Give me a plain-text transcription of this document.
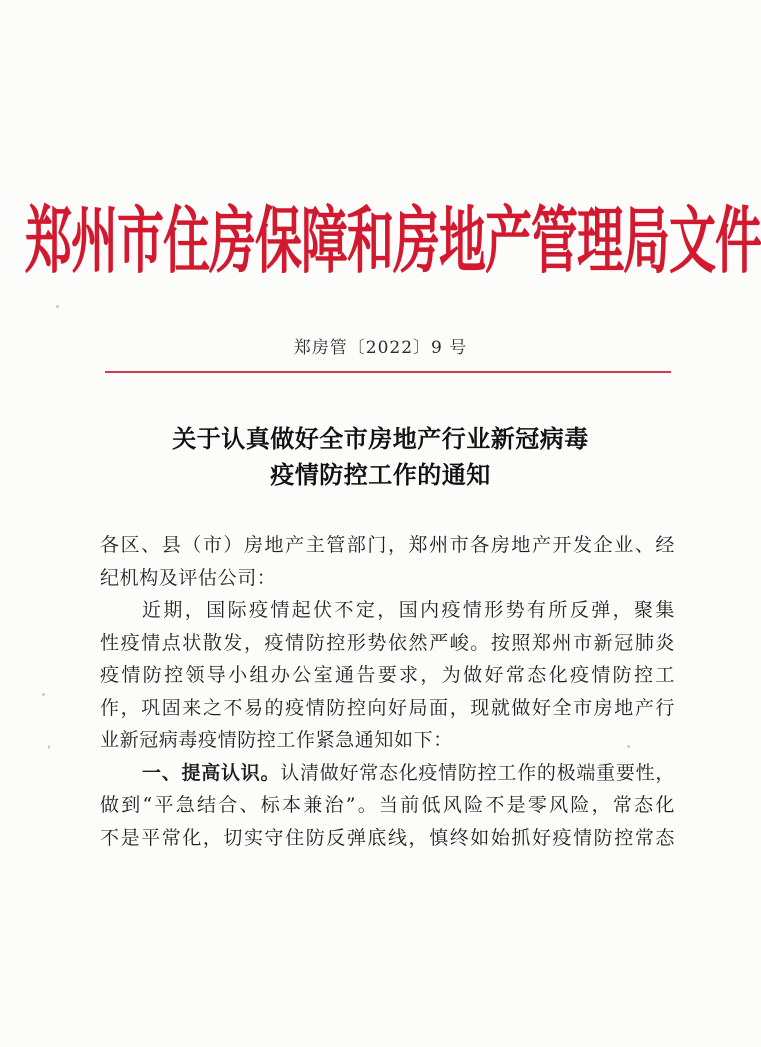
郑州市住房保障和房地产管理局文件
郑房管〔2022〕9 号
关于认真做好全市房地产行业新冠病毒
疫情防控工作的通知
各区、县（市）房地产主管部门，郑州市各房地产开发企业、经
纪机构及评估公司：
近期，国际疫情起伏不定，国内疫情形势有所反弹，聚集
性疫情点状散发，疫情防控形势依然严峻。按照郑州市新冠肺炎
疫情防控领导小组办公室通告要求，为做好常态化疫情防控工
作，巩固来之不易的疫情防控向好局面，现就做好全市房地产行
业新冠病毒疫情防控工作紧急通知如下：
一、提高认识。认清做好常态化疫情防控工作的极端重要性，
做到“平急结合、标本兼治”。当前低风险不是零风险，常态化
不是平常化，切实守住防反弹底线，慎终如始抓好疫情防控常态
